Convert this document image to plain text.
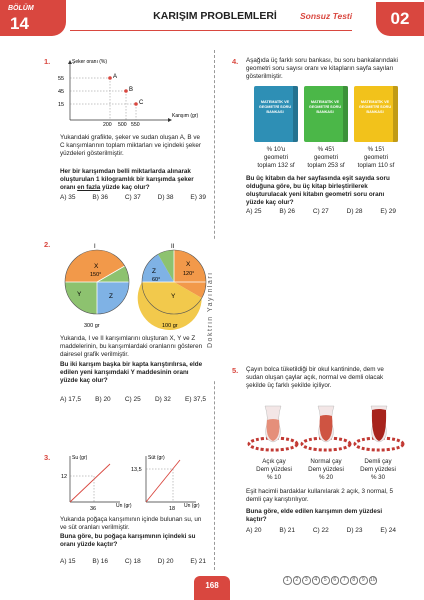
BÖLÜM
14	KARIŞIM PROBLEMLERİ	Sonsuz Testi	02
Doktrin Yayınları
1.
A
B
C
55
45
15
200 500 550
Şeker oranı (%)
Kanşım (gr)
Yukarıdaki grafikte, şeker ve sudan oluşan A, B ve C karışımlarının toplam miktarları ve içindeki şeker yüzdeleri gösterilmiştir.
Her bir karışımdan belli miktarlarda alınarak oluşturulan 1 kilogramlık bir karışımda şeker oranı en fazla yüzde kaç olur?
A) 35	B) 36	C) 37	D) 38	E) 39
2.	I
X
150°
Y	Z
300 gr
II
X
120°
Y
Z
60°
100 gr
Yukarıda, I ve II karışımlarını oluşturan X, Y ve Z maddelerinin, bu karışımlardaki oranlarını gösteren dairesel grafik verilmiştir.
Bu iki karışım başka bir kapta karıştırılırsa, elde edilen yeni karışımdaki Y maddesinin oranı yüzde kaç olur?
A) 17,5 B) 20 C) 25 D) 32 E) 37,5
3.	Su (gr)
Un (gr)
12
36
Süt (gr)
Un (gr)
13,5
18
Yukarıda poğaça karışımının içinde bulunan su, un ve süt oranları verilmiştir.
Buna göre, bu poğaça karışımının içindeki su oranı yüzde kaçtır?
A) 15	B) 16	C) 18	D) 20	E) 21
4. Aşağıda üç farklı soru bankası, bu soru bankalarındaki geometri soru sayısı oranı ve kitapların sayfa sayıları gösterilmiştir.
MATEMATİK VE GEOMETRİ SORU BANKASI
MATEMATİK VE GEOMETRİ SORU BANKASI
MATEMATİK VE GEOMETRİ SORU BANKASI
% 10'u
geometri
toplam 132 sf
% 45'i
geometri
toplam 253 sf
% 15'i
geometri
toplam 110 sf
Bu üç kitabın da her sayfasında eşit sayıda soru olduğuna göre, bu üç kitap birleştirilerek oluşturulacak yeni kitabın geometri soru oranı yüzde kaç olur?
A) 25	B) 26	C) 27	D) 28	E) 29
5. Çayın bolca tüketildiği bir okul kantininde, dem ve sudan oluşan çaylar açık, normal ve demli olacak şekilde üç farklı şekilde içiliyor.
Açık çay
Dem yüzdesi
% 10
Normal çay
Dem yüzdesi
% 20
Demli çay
Dem yüzdesi
% 30
Eşit hacimli bardaklar kullanılarak 2 açık, 3 normal, 5 demli çay karıştırılıyor.
Buna göre, elde edilen karışımın dem yüzdesi kaçtır?
A) 20	B) 21	C) 22	D) 23	E) 24
168
1	2	3	4	5	6	7	8	9	10
